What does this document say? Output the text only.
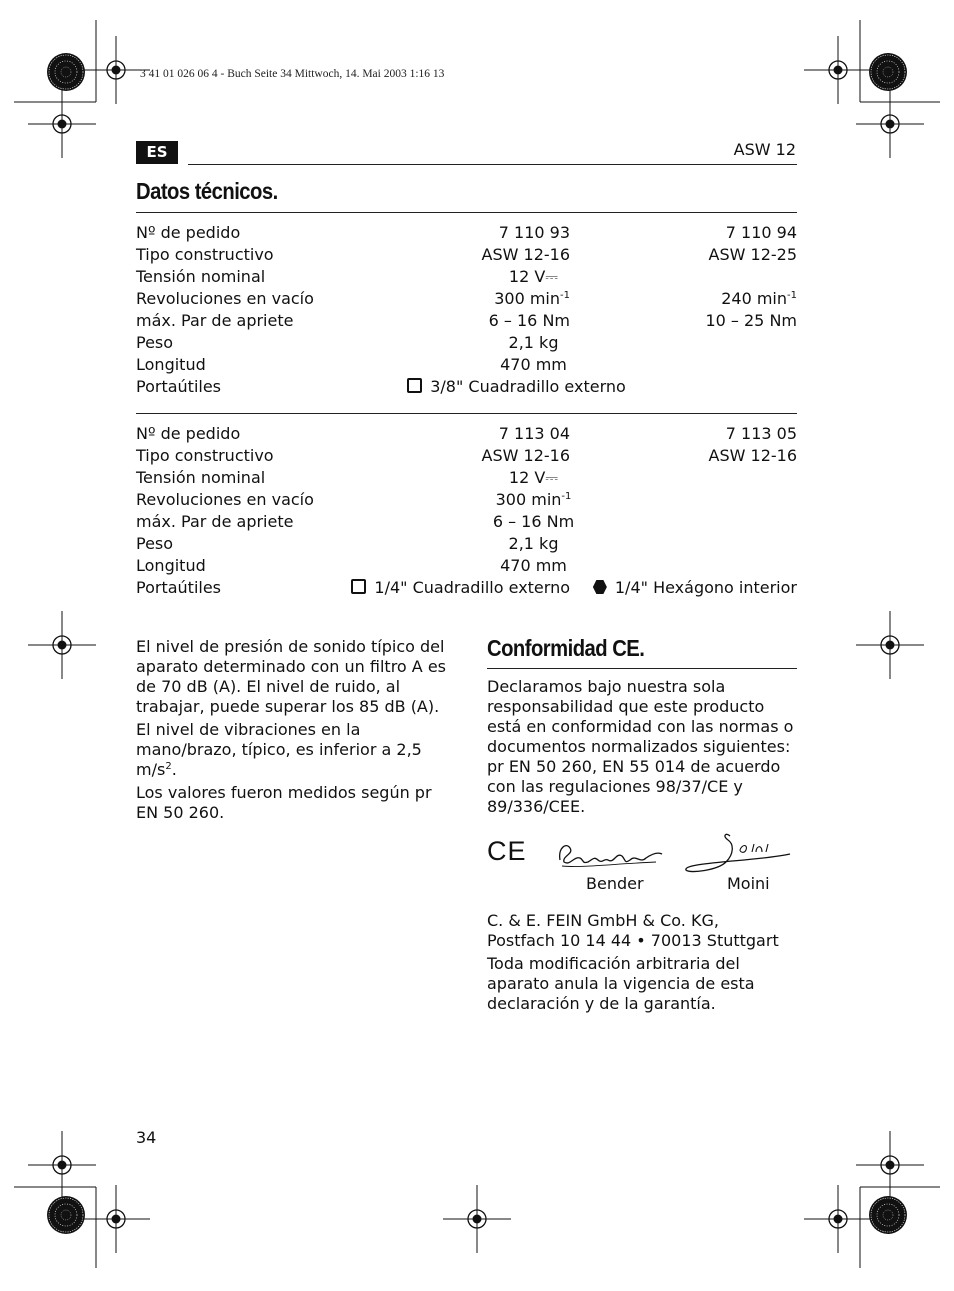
3 41 01 026 06 4 - Buch Seite 34 Mittwoch, 14. Mai 2003 1:16 13
ES	ASW 12
Datos técnicos.
Nº de pedido	7 110 93	7 110 94
Tipo constructivo	ASW 12-16	ASW 12-25
Tensión nominal	12 V⎓
Revoluciones en vacío	300 $\min^{-1}$	240 $\min^{-1}$
máx. Par de apriete	6 – 16 Nm	10 – 25 Nm
Peso	2,1 kg
Longitud	470 mm
Portaútiles	3/8" Cuadradillo externo
Nº de pedido	7 113 04	7 113 05
Tipo constructivo	ASW 12-16	ASW 12-16
Tensión nominal	12 V⎓
Revoluciones en vacío	300 $\min^{-1}$
máx. Par de apriete	6 – 16 Nm
Peso	2,1 kg
Longitud	470 mm
Portaútiles	1/4" Cuadradillo externo	1/4" Hexágono interior

El nivel de presión de sonido típico del aparato determinado con un filtro A es de 70 dB (A). El nivel de ruido, al trabajar, puede superar los 85 dB (A).

El nivel de vibraciones en la mano/brazo, típico, es inferior a 2,5 $m/s^2$.

Los valores fueron medidos según pr EN 50 260.

Conformidad CE.
Declaramos bajo nuestra sola responsabilidad que este producto está en conformidad con las normas o documentos normalizados siguientes: pr EN 50 260, EN 55 014 de acuerdo con las regulaciones 98/37/CE y 89/336/CEE.
CE
Bender	Moini

C. & E. FEIN GmbH & Co. KG,

Postfach 10 14 44 • 70013 Stuttgart

Toda modificación arbitraria del aparato anula la vigencia de esta declaración y de la garantía.

34
